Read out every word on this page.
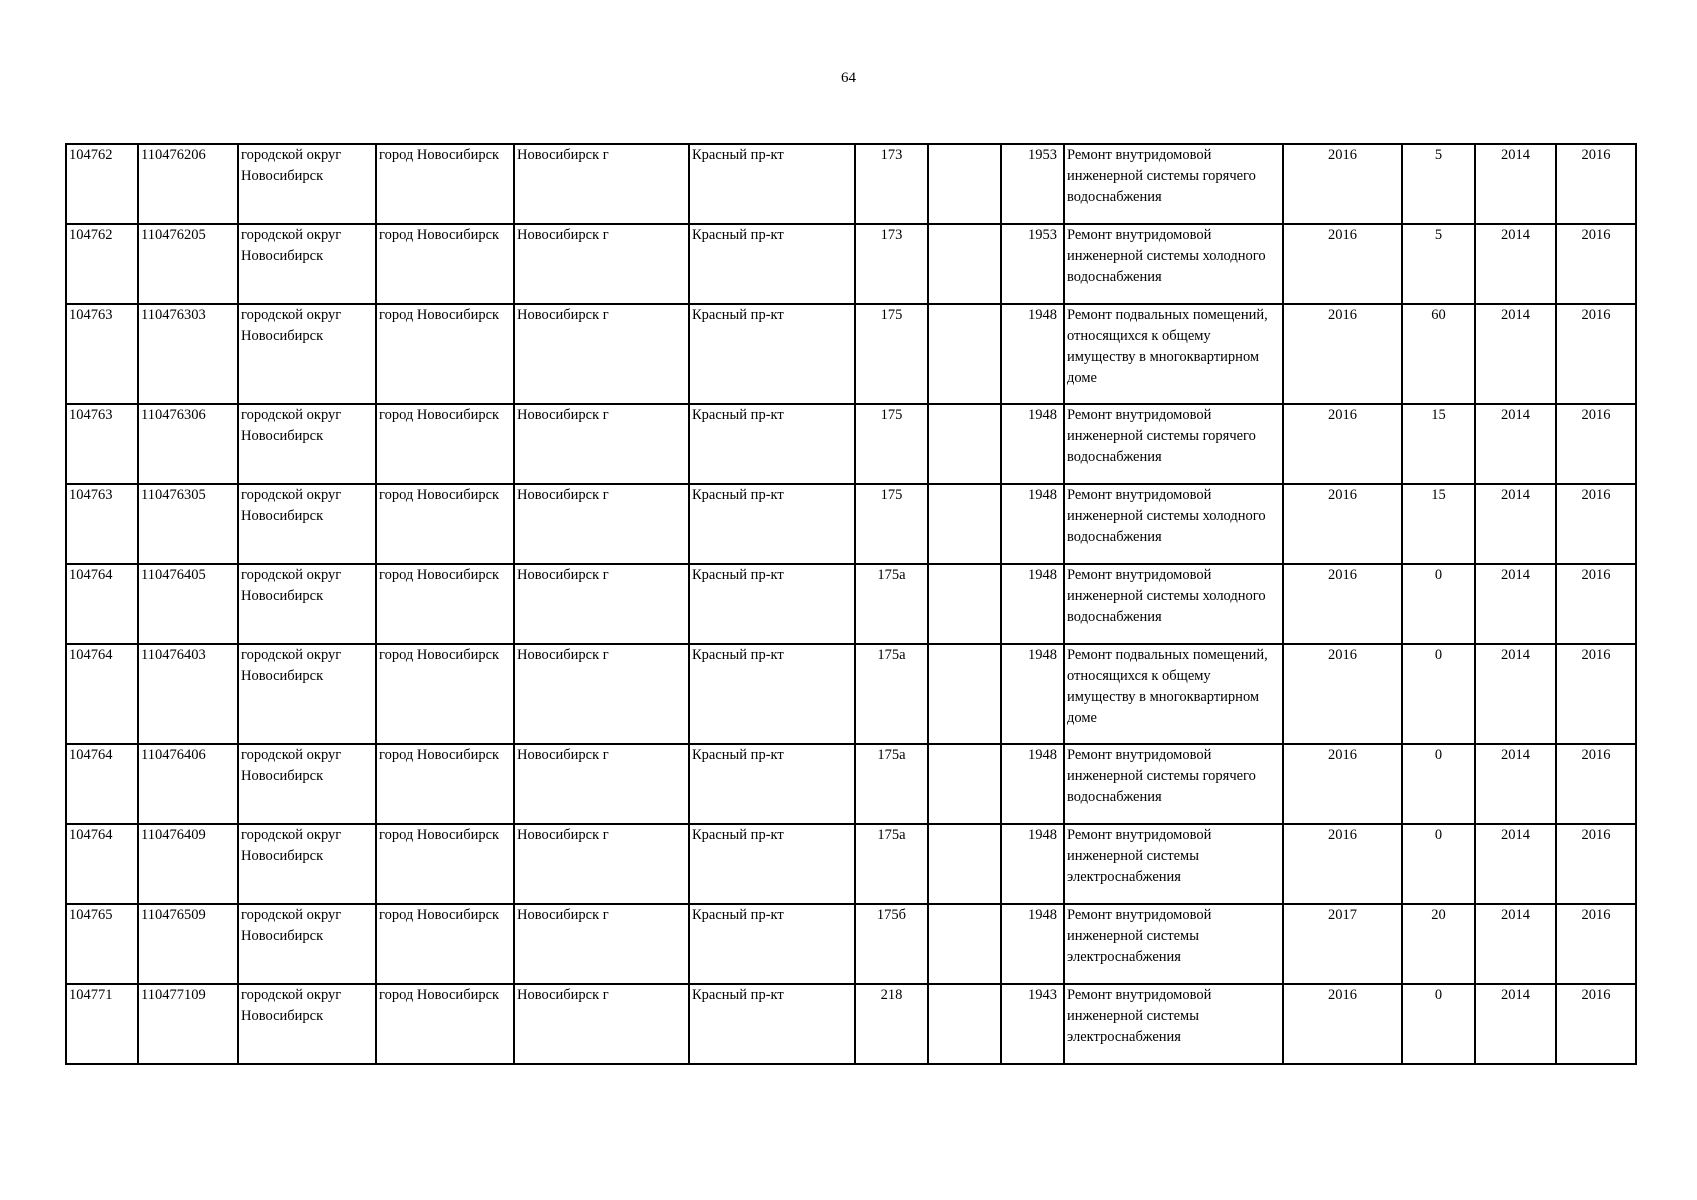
64
104762	110476206	городской округ Новосибирск	город Новосибирск	Новосибирск г	Красный пр-кт	173		1953	Ремонт внутридомовой инженерной системы горячего водоснабжения	2016	5	2014	2016
104762	110476205	городской округ Новосибирск	город Новосибирск	Новосибирск г	Красный пр-кт	173		1953	Ремонт внутридомовой инженерной системы холодного водоснабжения	2016	5	2014	2016
104763	110476303	городской округ Новосибирск	город Новосибирск	Новосибирск г	Красный пр-кт	175		1948	Ремонт подвальных помещений, относящихся к общему имуществу в многоквартирном доме	2016	60	2014	2016
104763	110476306	городской округ Новосибирск	город Новосибирск	Новосибирск г	Красный пр-кт	175		1948	Ремонт внутридомовой инженерной системы горячего водоснабжения	2016	15	2014	2016
104763	110476305	городской округ Новосибирск	город Новосибирск	Новосибирск г	Красный пр-кт	175		1948	Ремонт внутридомовой инженерной системы холодного водоснабжения	2016	15	2014	2016
104764	110476405	городской округ Новосибирск	город Новосибирск	Новосибирск г	Красный пр-кт	175а		1948	Ремонт внутридомовой инженерной системы холодного водоснабжения	2016	0	2014	2016
104764	110476403	городской округ Новосибирск	город Новосибирск	Новосибирск г	Красный пр-кт	175а		1948	Ремонт подвальных помещений, относящихся к общему имуществу в многоквартирном доме	2016	0	2014	2016
104764	110476406	городской округ Новосибирск	город Новосибирск	Новосибирск г	Красный пр-кт	175а		1948	Ремонт внутридомовой инженерной системы горячего водоснабжения	2016	0	2014	2016
104764	110476409	городской округ Новосибирск	город Новосибирск	Новосибирск г	Красный пр-кт	175а		1948	Ремонт внутридомовой инженерной системы электроснабжения	2016	0	2014	2016
104765	110476509	городской округ Новосибирск	город Новосибирск	Новосибирск г	Красный пр-кт	175б		1948	Ремонт внутридомовой инженерной системы электроснабжения	2017	20	2014	2016
104771	110477109	городской округ Новосибирск	город Новосибирск	Новосибирск г	Красный пр-кт	218		1943	Ремонт внутридомовой инженерной системы электроснабжения	2016	0	2014	2016
